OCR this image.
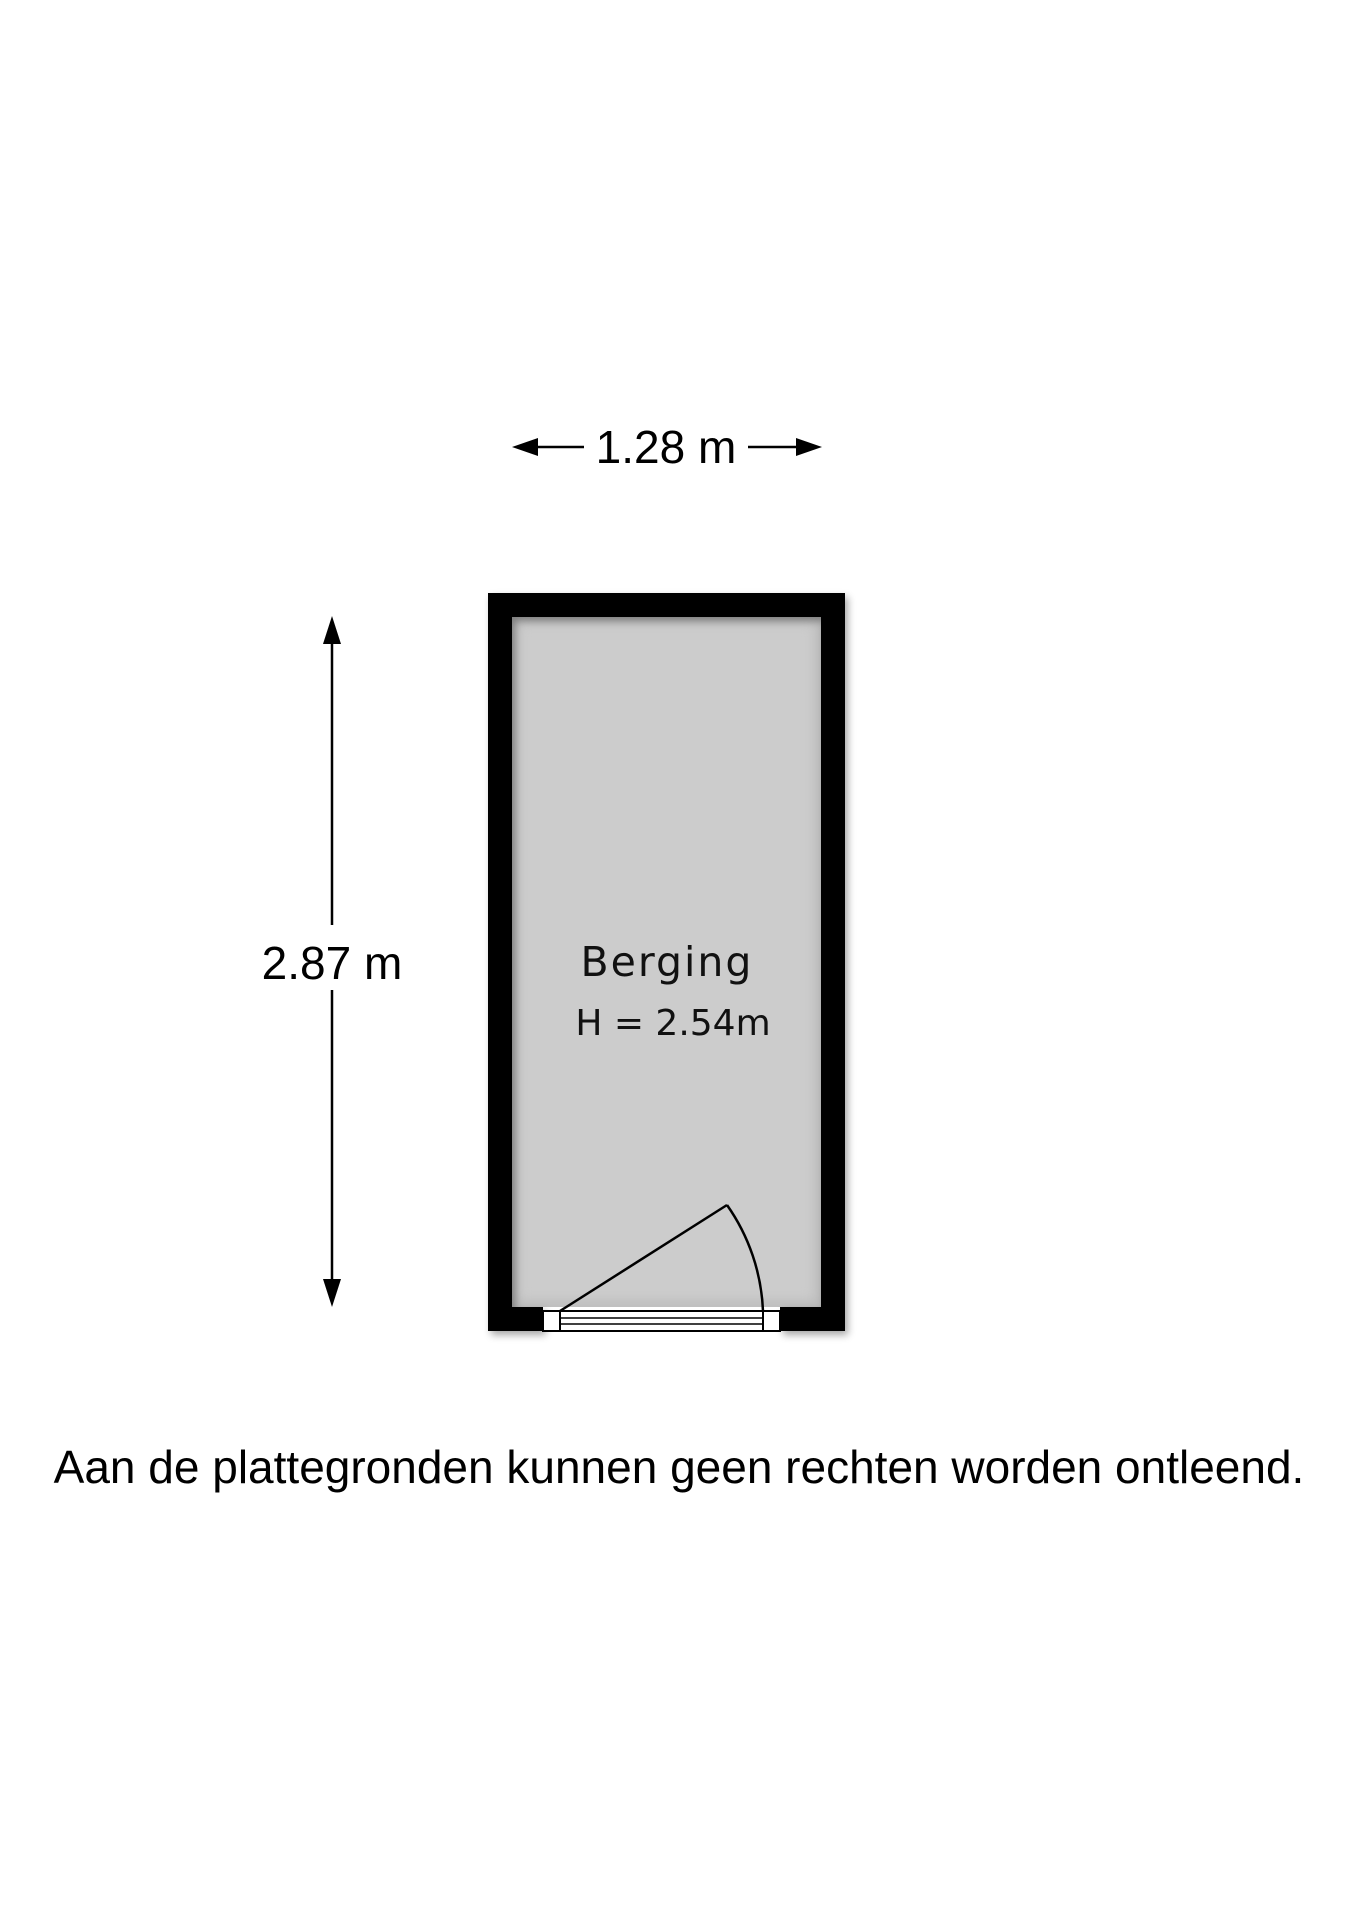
1.28 m
2.87 m	Berging
H = 2.54m
Aan de plattegronden kunnen geen rechten worden ontleend.
